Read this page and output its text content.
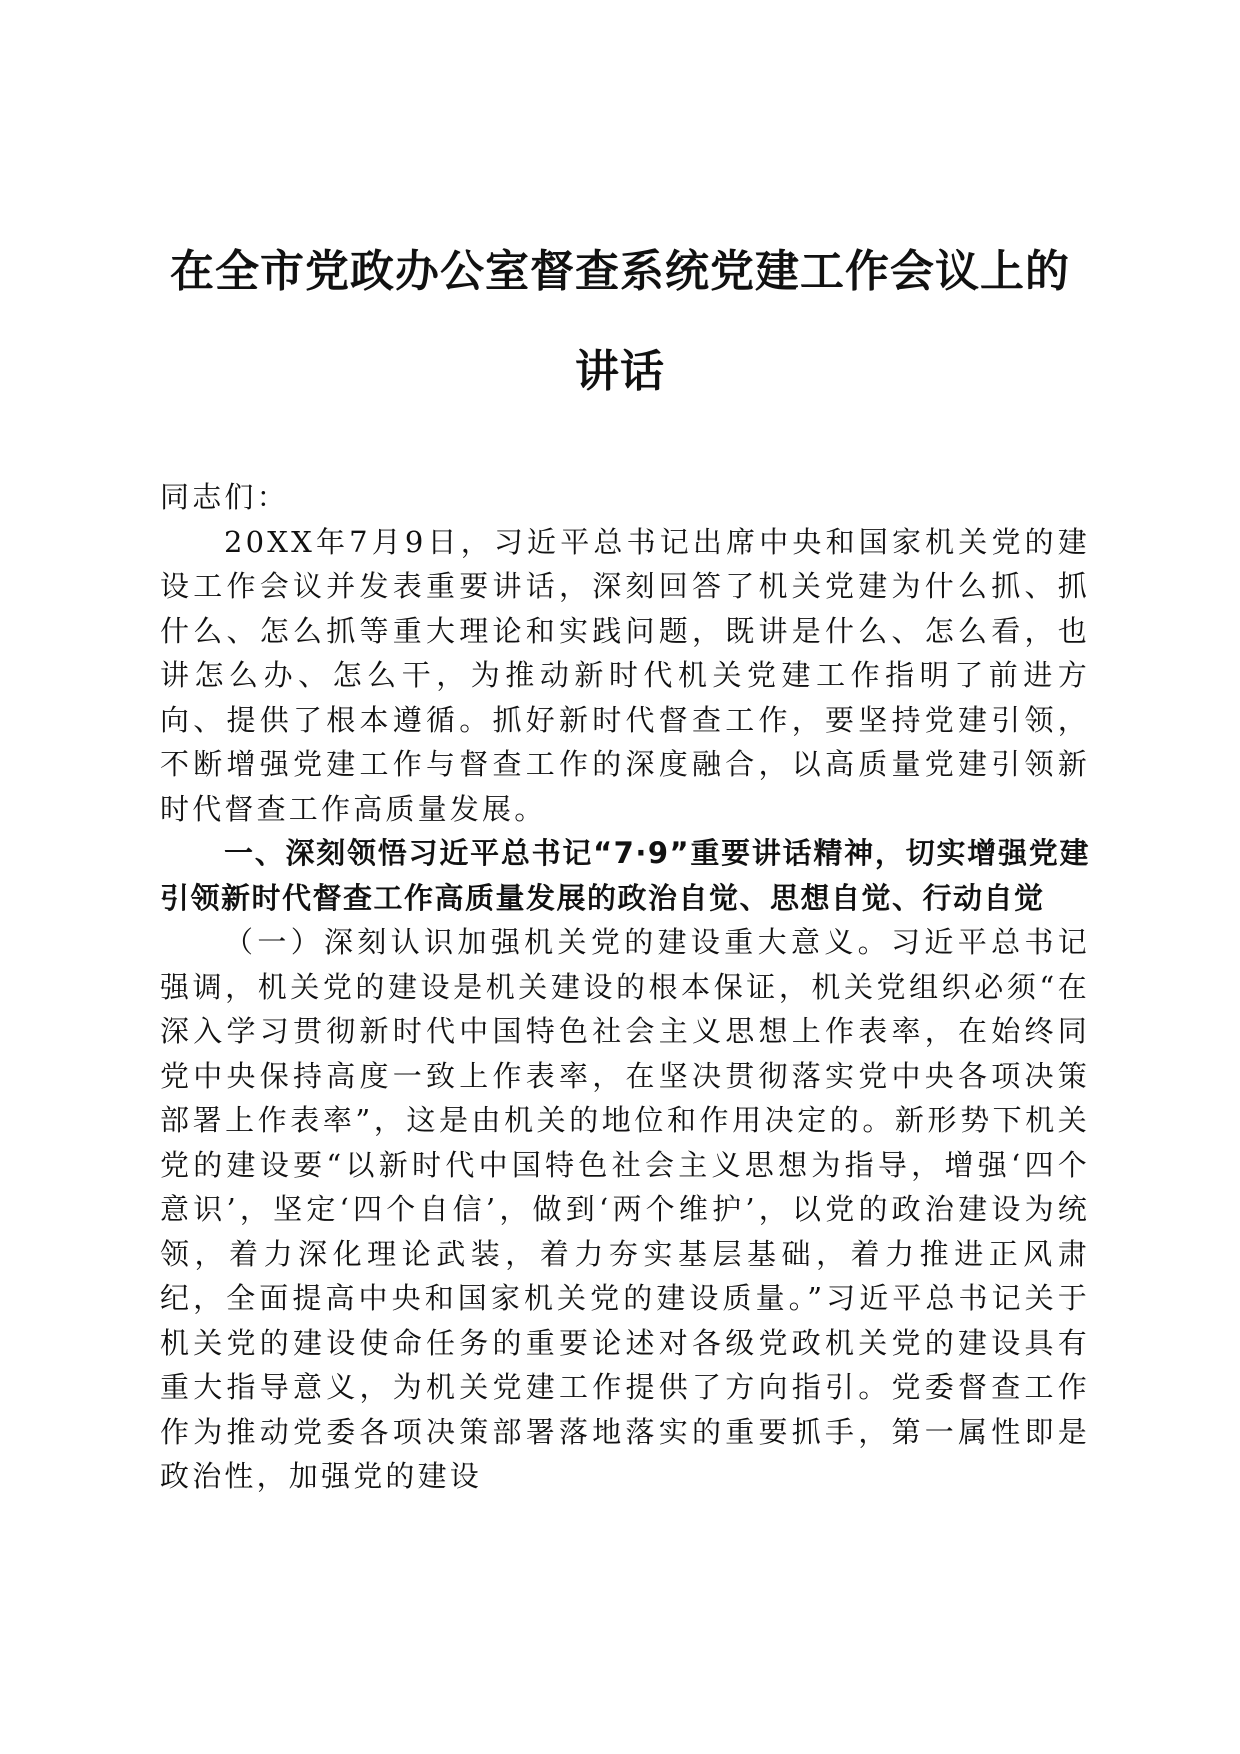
在全市党政办公室督查系统党建工作会议上的
讲话

同志们：

20XX年7月9日，习近平总书记出席中央和国家机关党的建设工作会议并发表重要讲话，深刻回答了机关党建为什么抓、抓什么、怎么抓等重大理论和实践问题，既讲是什么、怎么看，也讲怎么办、怎么干，为推动新时代机关党建工作指明了前进方向、提供了根本遵循。抓好新时代督查工作，要坚持党建引领，不断增强党建工作与督查工作的深度融合，以高质量党建引领新时代督查工作高质量发展。

一、深刻领悟习近平总书记“7·9”重要讲话精神，切实增强党建引领新时代督查工作高质量发展的政治自觉、思想自觉、行动自觉

（一）深刻认识加强机关党的建设重大意义。习近平总书记强调，机关党的建设是机关建设的根本保证，机关党组织必须“在深入学习贯彻新时代中国特色社会主义思想上作表率，在始终同党中央保持高度一致上作表率，在坚决贯彻落实党中央各项决策部署上作表率”，这是由机关的地位和作用决定的。新形势下机关党的建设要“以新时代中国特色社会主义思想为指导，增强‘四个意识’，坚定‘四个自信’，做到‘两个维护’，以党的政治建设为统领，着力深化理论武装，着力夯实基层基础，着力推进正风肃纪，全面提高中央和国家机关党的建设质量。”习近平总书记关于机关党的建设使命任务的重要论述对各级党政机关党的建设具有重大指导意义，为机关党建工作提供了方向指引。党委督查工作作为推动党委各项决策部署落地落实的重要抓手，第一属性即是政治性，加强党的建设
